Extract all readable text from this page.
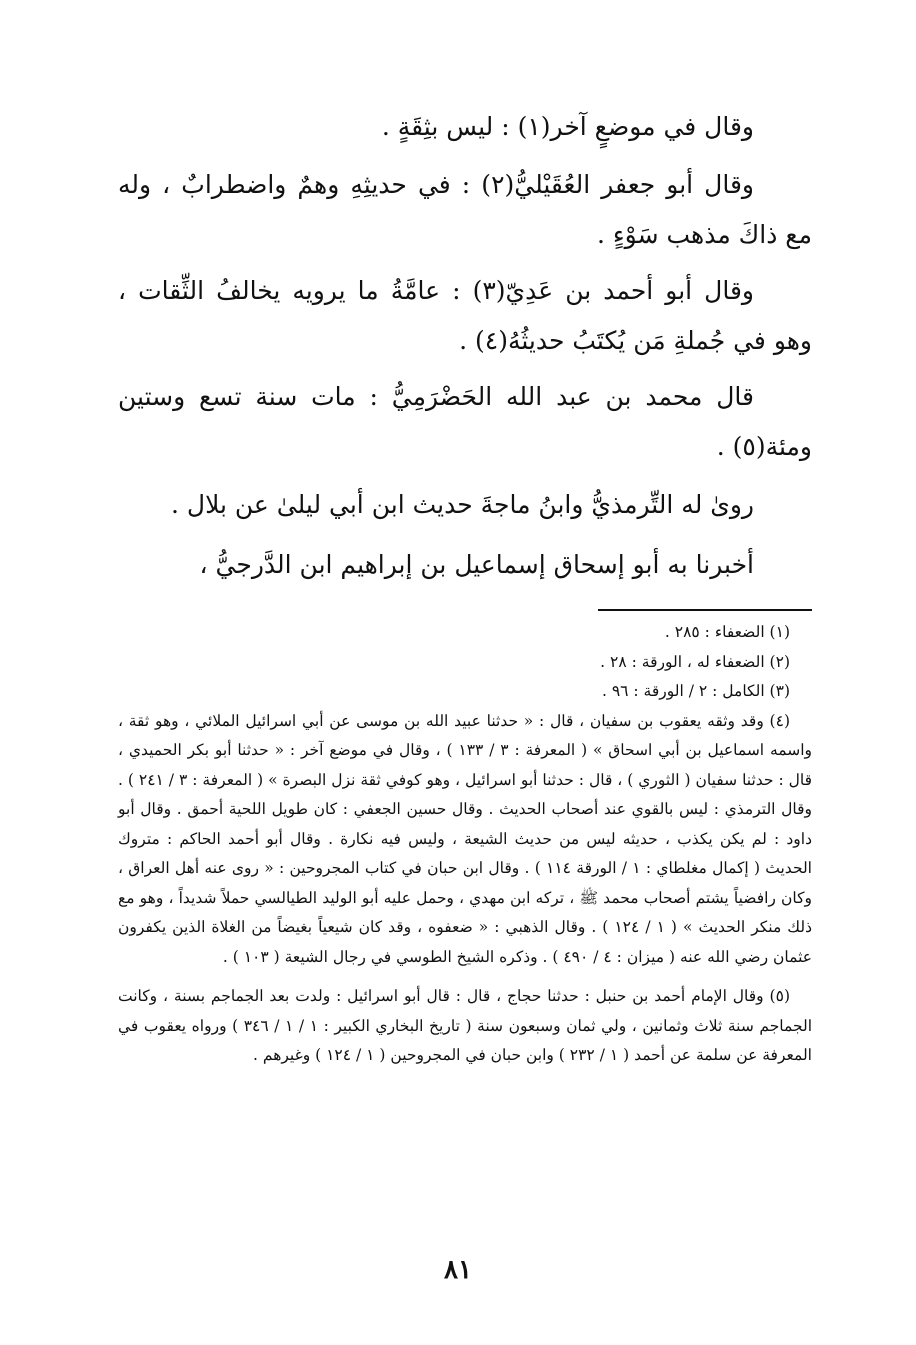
وقال في موضعٍ آخر(١) : ليس بثِقَةٍ .

وقال أبو جعفر العُقَيْليُّ(٢) : في حديثِهِ وهمٌ واضطرابٌ ، وله مع ذاكَ مذهب سَوْءٍ .

وقال أبو أحمد بن عَدِيّ(٣) : عامَّةُ ما يرويه يخالفُ الثِّقات ، وهو في جُملةِ مَن يُكتَبُ حديثُهُ(٤) .

قال محمد بن عبد الله الحَضْرَمِيُّ : مات سنة تسع وستين ومئة(٥) .

روىٰ له التِّرمذيُّ وابنُ ماجةَ حديث ابن أبي ليلىٰ عن بلال .

أخبرنا به أبو إسحاق إسماعيل بن إبراهيم ابن الدَّرجيُّ ،

(١) الضعفاء : ٢٨٥ .

(٢) الضعفاء له ، الورقة : ٢٨ .

(٣) الكامل : ٢ / الورقة : ٩٦ .

(٤) وقد وثقه يعقوب بن سفيان ، قال : « حدثنا عبيد الله بن موسى عن أبي اسرائيل الملائي ، وهو ثقة ، واسمه اسماعيل بن أبي اسحاق » ( المعرفة : ٣ / ١٣٣ ) ، وقال في موضع آخر : « حدثنا أبو بكر الحميدي ، قال : حدثنا سفيان ( الثوري ) ، قال : حدثنا أبو اسرائيل ، وهو كوفي ثقة نزل البصرة » ( المعرفة : ٣ / ٢٤١ ) . وقال الترمذي : ليس بالقوي عند أصحاب الحديث . وقال حسين الجعفي : كان طويل اللحية أحمق . وقال أبو داود : لم يكن يكذب ، حديثه ليس من حديث الشيعة ، وليس فيه نكارة . وقال أبو أحمد الحاكم : متروك الحديث ( إكمال مغلطاي : ١ / الورقة ١١٤ ) . وقال ابن حبان في كتاب المجروحين : « روى عنه أهل العراق ، وكان رافضياً يشتم أصحاب محمد ﷺ ، تركه ابن مهدي ، وحمل عليه أبو الوليد الطيالسي حملاً شديداً ، وهو مع ذلك منكر الحديث » ( ١ / ١٢٤ ) . وقال الذهبي : « ضعفوه ، وقد كان شيعياً بغيضاً من الغلاة الذين يكفرون عثمان رضي الله عنه ( ميزان : ٤ / ٤٩٠ ) . وذكره الشيخ الطوسي في رجال الشيعة ( ١٠٣ ) .

(٥) وقال الإمام أحمد بن حنبل : حدثنا حجاج ، قال : قال أبو اسرائيل : ولدت بعد الجماجم بسنة ، وكانت الجماجم سنة ثلاث وثمانين ، ولي ثمان وسبعون سنة ( تاريخ البخاري الكبير : ١ / ١ / ٣٤٦ ) ورواه يعقوب في المعرفة عن سلمة عن أحمد ( ١ / ٢٣٢ ) وابن حبان في المجروحين ( ١ / ١٢٤ ) وغيرهم .

٨١
